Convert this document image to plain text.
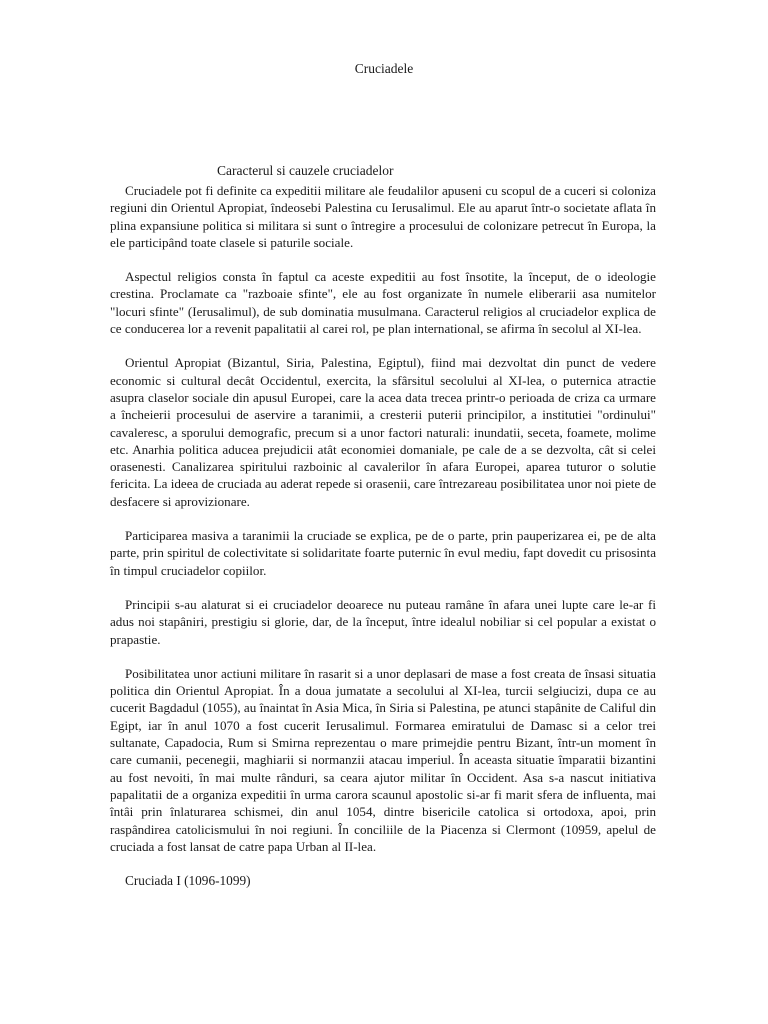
Cruciadele
Caracterul si cauzele cruciadelor

Cruciadele pot fi definite ca expeditii militare ale feudalilor apuseni cu scopul de a cuceri si coloniza regiuni din Orientul Apropiat, îndeosebi Palestina cu Ierusalimul. Ele au aparut într-o societate aflata în plina expansiune politica si militara si sunt o întregire a procesului de colonizare petrecut în Europa, la ele participând toate clasele si paturile sociale.

Aspectul religios consta în faptul ca aceste expeditii au fost însotite, la început, de o ideologie crestina. Proclamate ca "razboaie sfinte", ele au fost organizate în numele eliberarii asa numitelor "locuri sfinte" (Ierusalimul), de sub dominatia musulmana. Caracterul religios al cruciadelor explica de ce conducerea lor a revenit papalitatii al carei rol, pe plan international, se afirma în secolul al XI-lea.

Orientul Apropiat (Bizantul, Siria, Palestina, Egiptul), fiind mai dezvoltat din punct de vedere economic si cultural decât Occidentul, exercita, la sfârsitul secolului al XI-lea, o puternica atractie asupra claselor sociale din apusul Europei, care la acea data trecea printr-o perioada de criza ca urmare a încheierii procesului de aservire a taranimii, a cresterii puterii principilor, a institutiei "ordinului" cavaleresc, a sporului demografic, precum si a unor factori naturali: inundatii, seceta, foamete, molime etc. Anarhia politica aducea prejudicii atât economiei domaniale, pe cale de a se dezvolta, cât si celei orasenesti. Canalizarea spiritului razboinic al cavalerilor în afara Europei, aparea tuturor o solutie fericita. La ideea de cruciada au aderat repede si orasenii, care întrezareau posibilitatea unor noi piete de desfacere si aprovizionare.

Participarea masiva a taranimii la cruciade se explica, pe de o parte, prin pauperizarea ei, pe de alta parte, prin spiritul de colectivitate si solidaritate foarte puternic în evul mediu, fapt dovedit cu prisosinta în timpul cruciadelor copiilor.

Principii s-au alaturat si ei cruciadelor deoarece nu puteau ramâne în afara unei lupte care le-ar fi adus noi stapâniri, prestigiu si glorie, dar, de la început, între idealul nobiliar si cel popular a existat o prapastie.

Posibilitatea unor actiuni militare în rasarit si a unor deplasari de mase a fost creata de însasi situatia politica din Orientul Apropiat. În a doua jumatate a secolului al XI-lea, turcii selgiucizi, dupa ce au cucerit Bagdadul (1055), au înaintat în Asia Mica, în Siria si Palestina, pe atunci stapânite de Califul din Egipt, iar în anul 1070 a fost cucerit Ierusalimul. Formarea emiratului de Damasc si a celor trei sultanate, Capadocia, Rum si Smirna reprezentau o mare primejdie pentru Bizant, într-un moment în care cumanii, pecenegii, maghiarii si normanzii atacau imperiul. În aceasta situatie împaratii bizantini au fost nevoiti, în mai multe rânduri, sa ceara ajutor militar în Occident. Asa s-a nascut initiativa papalitatii de a organiza expeditii în urma carora scaunul apostolic si-ar fi marit sfera de influenta, mai întâi prin înlaturarea schismei, din anul 1054, dintre bisericile catolica si ortodoxa, apoi, prin raspândirea catolicismului în noi regiuni. În conciliile de la Piacenza si Clermont (10959, apelul de cruciada a fost lansat de catre papa Urban al II-lea.

Cruciada I (1096-1099)
